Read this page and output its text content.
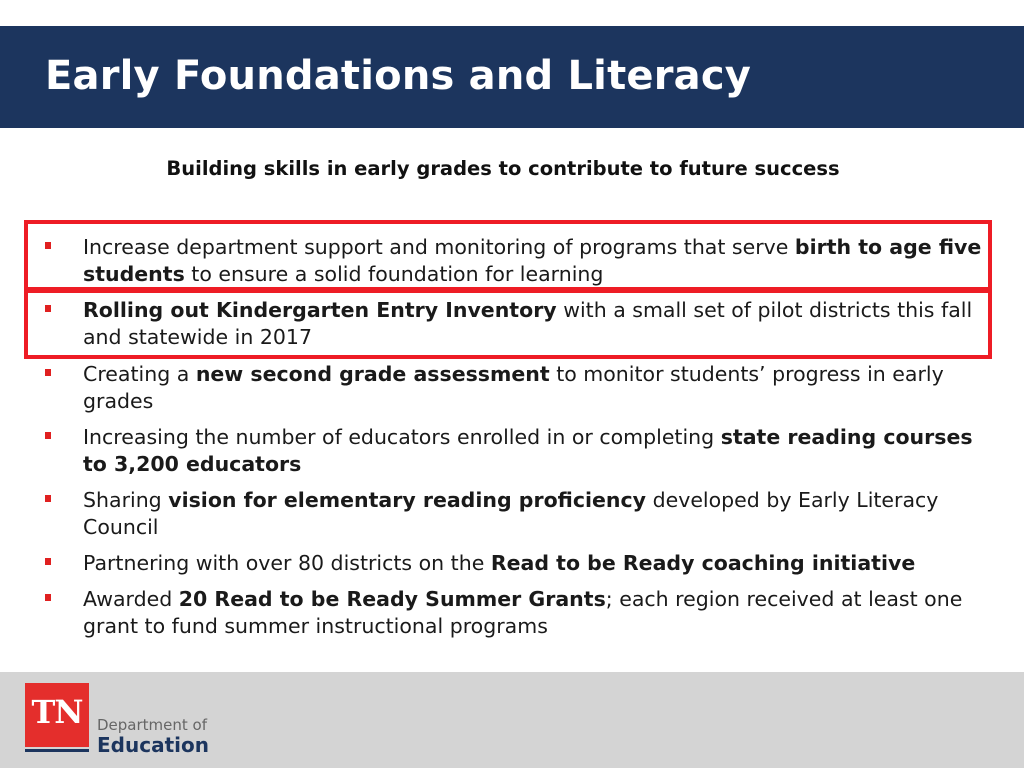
Early Foundations and Literacy
Building skills in early grades to contribute to future success
Increase department support and monitoring of programs that serve birth to age five students to ensure a solid foundation for learning
Rolling out Kindergarten Entry Inventory with a small set of pilot districts this fall and statewide in 2017
Creating a new second grade assessment to monitor students’ progress in early grades
Increasing the number of educators enrolled in or completing state reading courses to 3,200 educators
Sharing vision for elementary reading proficiency developed by Early Literacy Council
Partnering with over 80 districts on the Read to be Ready coaching initiative
Awarded 20 Read to be Ready Summer Grants; each region received at least one grant to fund summer instructional programs
TN Department of
Education
